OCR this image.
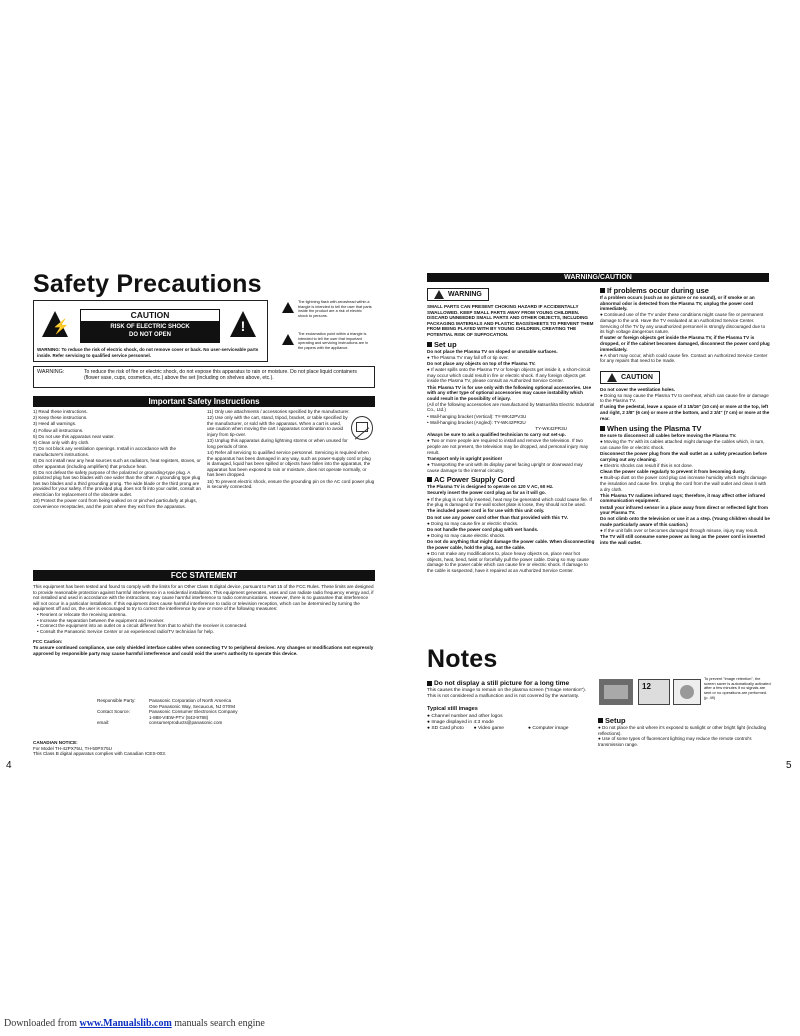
Safety Precautions
⚡
CAUTION
RISK OF ELECTRIC SHOCK
DO NOT OPEN
!
WARNING: To reduce the risk of electric shock, do not remove cover or back. No user-serviceable parts inside. Refer servicing to qualified service personnel.
The lightning flash with arrowhead within a triangle is intended to tell the user that parts inside the product are a risk of electric shock to persons.
The exclamation point within a triangle is intended to tell the user that important operating and servicing instructions are in the papers with the appliance.
WARNING:	To reduce the risk of fire or electric shock, do not expose this apparatus to rain or moisture. Do not place liquid containers (flower vase, cups, cosmetics, etc.) above the set (including on shelves above, etc.).
Important Safety Instructions

1) Read these instructions.

2) Keep these instructions.

3) Heed all warnings.

4) Follow all instructions.

5) Do not use this apparatus near water.

6) Clean only with dry cloth.

7) Do not block any ventilation openings. Install in accordance with the manufacturer's instructions.

8) Do not install near any heat sources such as radiators, heat registers, stoves, or other apparatus (including amplifiers) that produce heat.

9) Do not defeat the safety purpose of the polarized or grounding-type plug. A polarized plug has two blades with one wider than the other. A grounding type plug has two blades and a third grounding prong. The wide blade or the third prong are provided for your safety. If the provided plug does not fit into your outlet, consult an electrician for replacement of the obsolete outlet.

10) Protect the power cord from being walked on or pinched particularly at plugs, convenience receptacles, and the point where they exit from the apparatus.

11) Only use attachments / accessories specified by the manufacturer.

12) Use only with the cart, stand, tripod, bracket, or table specified by the manufacturer, or sold with the apparatus. When a cart is used, use caution when moving the cart / apparatus combination to avoid injury from tip-over.

13) Unplug this apparatus during lightning storms or when unused for long periods of time.

14) Refer all servicing to qualified service personnel. Servicing is required when the apparatus has been damaged in any way, such as power-supply cord or plug is damaged, liquid has been spilled or objects have fallen into the apparatus, the apparatus has been exposed to rain or moisture, does not operate normally, or has been dropped.

15) To prevent electric shock, ensure the grounding pin on the AC cord power plug is securely connected.

FCC STATEMENT

This equipment has been tested and found to comply with the limits for an Other Class B digital device, pursuant to Part 15 of the FCC Rules. These limits are designed to provide reasonable protection against harmful interference in a residential installation. This equipment generates, uses and can radiate radio frequency energy and, if not installed and used in accordance with the instructions, may cause harmful interference to radio communications. However, there is no guarantee that interference will not occur in a particular installation. If this equipment does cause harmful interference to radio or television reception, which can be determined by turning the equipment off and on, the user is encouraged to try to correct the interference by one or more of the following measures:

• Reorient or relocate the receiving antenna.

• Increase the separation between the equipment and receiver.

• Connect the equipment into an outlet on a circuit different from that to which the receiver is connected.

• Consult the Panasonic Service Center or an experienced radio/TV technician for help.

FCC Caution:

To assure continued compliance, use only shielded interface cables when connecting TV to peripheral devices. Any changes or modifications not expressly approved by responsible party may cause harmful interference and could void the user's authority to operate this device.

Responsible Party:	Panasonic Corporation of North America
One Panasonic Way, Secaucus, NJ 07094
Contact Source:	Panasonic Consumer Electronics Company
1-888-VIEW-PTV (843-9788)
email:	consumerproducts@panasonic.com

CANADIAN NOTICE:

For Model TH-42PX75U, TH-50PX75U

This Class B digital apparatus complies with Canadian ICES-003.

4
WARNING/CAUTION
WARNING
SMALL PARTS CAN PRESENT CHOKING HAZARD IF ACCIDENTALLY SWALLOWED. KEEP SMALL PARTS AWAY FROM YOUNG CHILDREN. DISCARD UNNEEDED SMALL PARTS AND OTHER OBJECTS, INCLUDING PACKAGING MATERIALS AND PLASTIC BAGS/SHEETS TO PREVENT THEM FROM BEING PLAYED WITH BY YOUNG CHILDREN, CREATING THE POTENTIAL RISK OF SUFFOCATION.
Set up

Do not place the Plasma TV on sloped or unstable surfaces.

● The Plasma TV may fall off or tip over.

Do not place any objects on top of the Plasma TV.

● If water spills onto the Plasma TV or foreign objects get inside it, a short-circuit may occur which could result in fire or electric shock. If any foreign objects get inside the Plasma TV, please consult an Authorized Service Center.

This Plasma TV is for use only with the following optional accessories. Use with any other type of optional accessories may cause instability which could result in the possibility of injury.

(All of the following accessories are manufactured by Matsushita Electric Industrial Co., Ltd.)

• Wall-hanging bracket (Vertical): TY-WK42PV3U

• Wall-hanging bracket (Angled): TY-WK42PR2U

TY-WK42PR3U

Always be sure to ask a qualified technician to carry out set-up.

● Two or more people are required to install and remove the television. If two people are not present, the television may be dropped, and personal injury may result.

Transport only in upright position!

● Transporting the unit with its display panel facing upright or downward may cause damage to the internal circuitry.

AC Power Supply Cord

The Plasma TV is designed to operate on 120 V AC, 60 Hz.

Securely insert the power cord plug as far as it will go.

● If the plug is not fully inserted, heat may be generated which could cause fire. If the plug is damaged or the wall socket plate is loose, they should not be used.

The included power cord is for use with this unit only.

Do not use any power cord other than that provided with this TV.

● Doing so may cause fire or electric shocks.

Do not handle the power cord plug with wet hands.

● Doing so may cause electric shocks.

Do not do anything that might damage the power cable. When disconnecting the power cable, hold the plug, not the cable.

● Do not make any modifications to, place heavy objects on, place near hot objects, heat, bend, twist or forcefully pull the power cable. Doing so may cause damage to the power cable which can cause fire or electric shock. If damage to the cable is suspected, have it repaired at an Authorized Service Center.

If problems occur during use

If a problem occurs (such as no picture or no sound), or if smoke or an abnormal odor is detected from the Plasma TV, unplug the power cord immediately.

● Continued use of the TV under these conditions might cause fire or permanent damage to the unit. Have the TV evaluated at an Authorized Service Center. Servicing of the TV by any unauthorized personnel is strongly discouraged due to its high voltage dangerous nature.

If water or foreign objects get inside the Plasma TV, if the Plasma TV is dropped, or if the cabinet becomes damaged, disconnect the power cord plug immediately.

● A short may occur, which could cause fire. Contact an Authorized Service Center for any repairs that need to be made.

CAUTION

Do not cover the ventilation holes.

● Doing so may cause the Plasma TV to overheat, which can cause fire or damage to the Plasma TV.

If using the pedestal, leave a space of 3 15/16" (10 cm) or more at the top, left and right, 2 3/8" (6 cm) or more at the bottom, and 2 3/4" (7 cm) or more at the rear.

When using the Plasma TV

Be sure to disconnect all cables before moving the Plasma TV.

● Moving the TV with its cables attached might damage the cables which, in turn, can cause fire or electric shock.

Disconnect the power plug from the wall outlet as a safety precaution before carrying out any cleaning.

● Electric shocks can result if this is not done.

Clean the power cable regularly to prevent it from becoming dusty.

● Built-up dust on the power cord plug can increase humidity which might damage the insulation and cause fire. Unplug the cord from the wall outlet and clean it with a dry cloth.

This Plasma TV radiates infrared rays; therefore, it may affect other infrared communication equipment.

Install your infrared sensor in a place away from direct or reflected light from your Plasma TV.

Do not climb onto the television or use it as a step. (Young children should be made particularly aware of this caution.)

● If the unit falls over or becomes damaged through misuse, injury may result.

The TV will still consume some power as long as the power cord is inserted into the wall outlet.

Notes
Do not display a still picture for a long time
This causes the image to remain on the plasma screen ("Image retention"). This is not considered a malfunction and is not covered by the warranty.
Typical still images

● Channel number and other logos

● Image displayed in 4:3 mode

● SD Card photo ● Video game	● Computer image

12
To prevent "image retention", the screen saver is automatically activated after a few minutes if no signals are sent or no operations are performed. (p. 49)
Setup

● Do not place the unit where it's exposed to sunlight or other bright light (including reflections).

● Use of some types of fluorescent lighting may reduce the remote control's transmission range.

5
Downloaded from www.Manualslib.com manuals search engine
